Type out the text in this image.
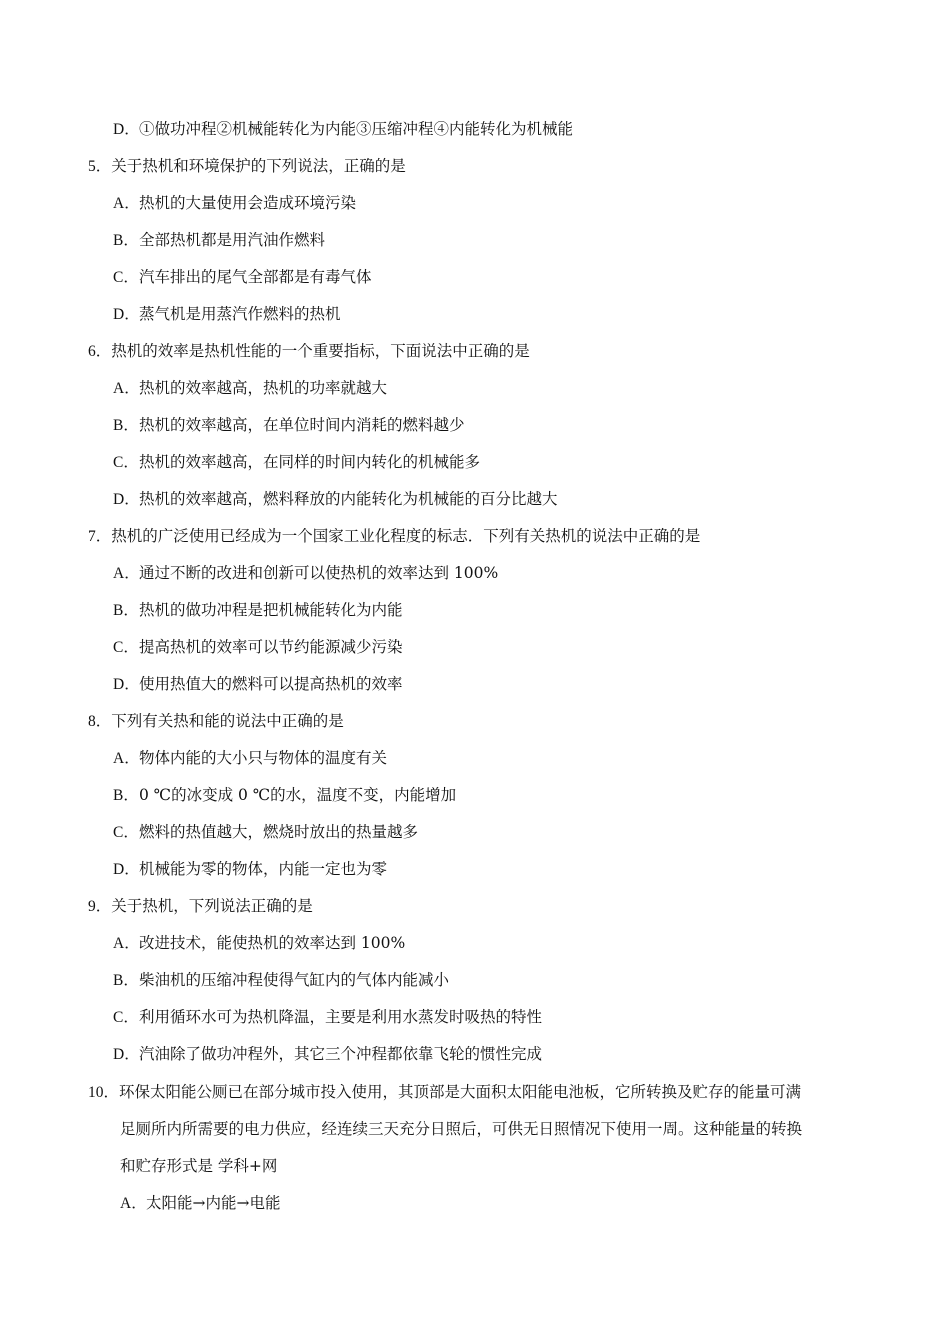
D．①做功冲程②机械能转化为内能③压缩冲程④内能转化为机械能
5．关于热机和环境保护的下列说法，正确的是
A．热机的大量使用会造成环境污染
B．全部热机都是用汽油作燃料
C．汽车排出的尾气全部都是有毒气体
D．蒸气机是用蒸汽作燃料的热机
6．热机的效率是热机性能的一个重要指标，下面说法中正确的是
A．热机的效率越高，热机的功率就越大
B．热机的效率越高，在单位时间内消耗的燃料越少
C．热机的效率越高，在同样的时间内转化的机械能多
D．热机的效率越高，燃料释放的内能转化为机械能的百分比越大
7．热机的广泛使用已经成为一个国家工业化程度的标志．下列有关热机的说法中正确的是
A．通过不断的改进和创新可以使热机的效率达到 100%
B．热机的做功冲程是把机械能转化为内能
C．提高热机的效率可以节约能源减少污染
D．使用热值大的燃料可以提高热机的效率
8．下列有关热和能的说法中正确的是
A．物体内能的大小只与物体的温度有关
B．0 ℃的冰变成 0 ℃的水，温度不变，内能增加
C．燃料的热值越大，燃烧时放出的热量越多
D．机械能为零的物体，内能一定也为零
9．关于热机，下列说法正确的是
A．改进技术，能使热机的效率达到 100%
B．柴油机的压缩冲程使得气缸内的气体内能减小
C．利用循环水可为热机降温，主要是利用水蒸发时吸热的特性
D．汽油除了做功冲程外，其它三个冲程都依靠飞轮的惯性完成
10．环保太阳能公厕已在部分城市投入使用，其顶部是大面积太阳能电池板，它所转换及贮存的能量可满
足厕所内所需要的电力供应，经连续三天充分日照后，可供无日照情况下使用一周。这种能量的转换
和贮存形式是 学科+网
A．太阳能→内能→电能
